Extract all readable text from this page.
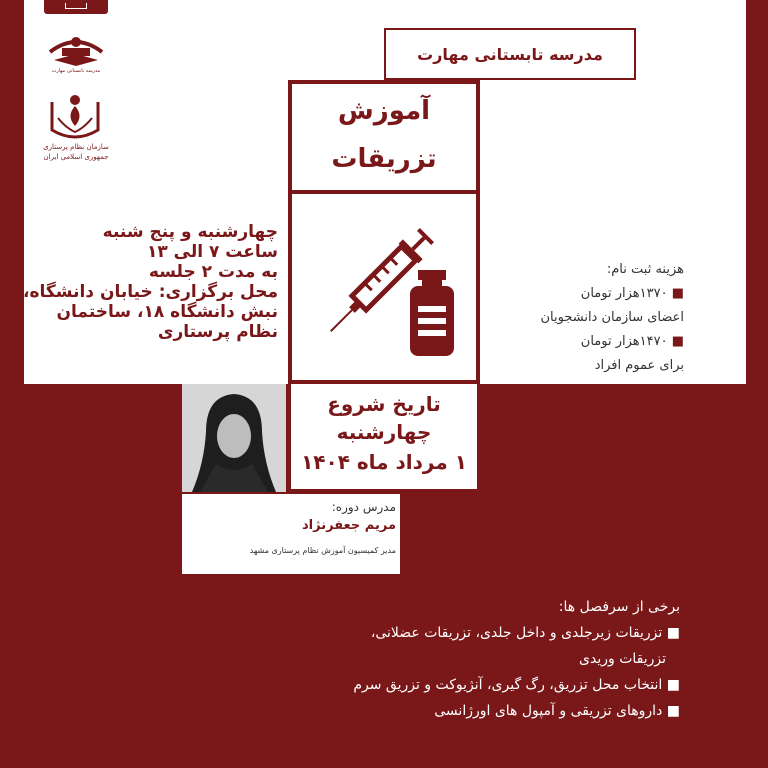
مدرسه تابستانی مهارت
سازمان نظام پرستاری
جمهوری اسلامی ایران
مدرسه تابستانی مهارت
آموزش
تزریقات
چهارشنبه و پنج شنبه
ساعت ۷ الی ۱۳
به مدت ۲ جلسه
محل برگزاری: خیابان دانشگاه،
نبش دانشگاه ۱۸، ساختمان
نظام پرستاری
هزینه ثبت نام:
■ ۱۳۷۰هزار تومان
اعضای سازمان دانشجویان
■ ۱۴۷۰هزار تومان
برای عموم افراد
تاریخ شروع
چهارشنبه
۱ مرداد ماه ۱۴۰۴
مدرس دوره:
مریم جعفرنژاد
مدیر کمیسیون آموزش نظام پرستاری مشهد
برخی از سرفصل ها:
■ تزریقات زیرجلدی و داخل جلدی، تزریقات عضلانی،
تزریقات وریدی
■ انتخاب محل تزریق، رگ گیری، آنژیوکت و تزریق سرم
■ داروهای تزریقی و آمپول های اورژانسی
